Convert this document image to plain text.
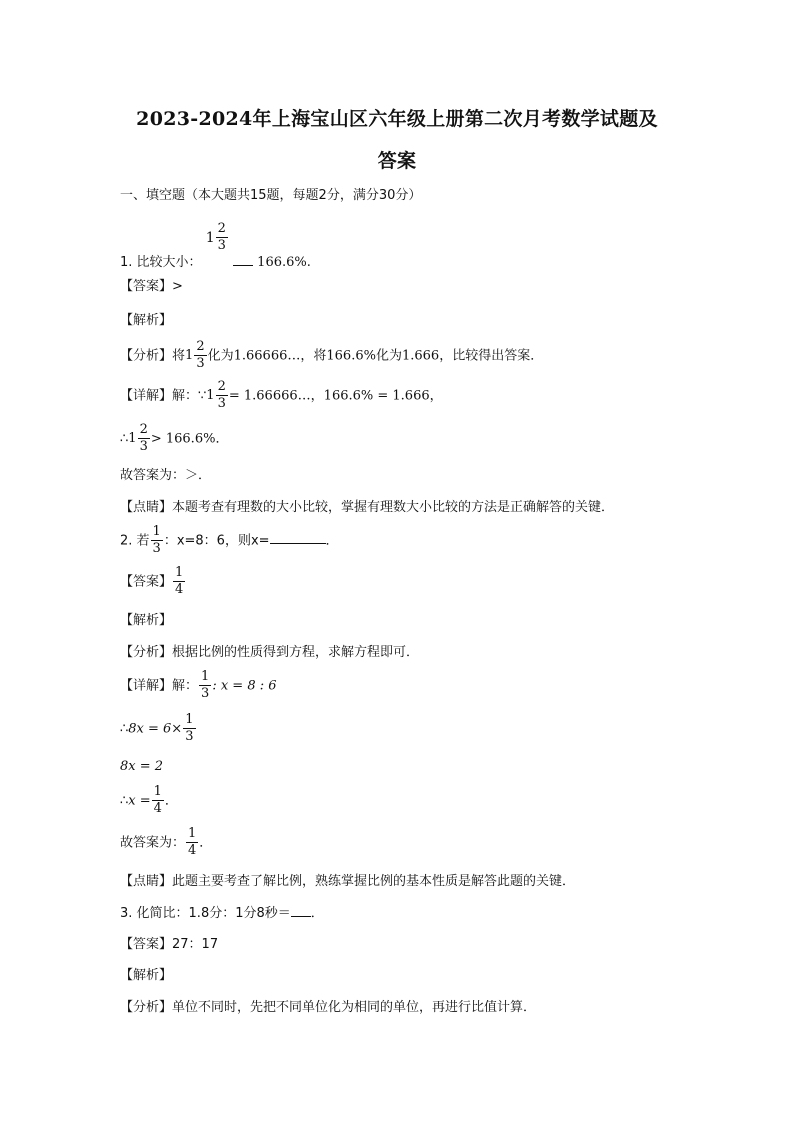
2023-2024年上海宝山区六年级上册第二次月考数学试题及
答案
一、填空题（本大题共15题，每题2分，满分30分）
1. 比较大小：
$1 \frac{2}{3}$
166.6%.
【答案】>
【解析】
【分析】将 $1 \frac{2}{3}$ 化为1.66666…，将166.6%化为1.666，比较得出答案．
【详解】解：∵ $1 \frac{2}{3}$ = 1.66666…，166.6% = 1.666，
∴ $1 \frac{2}{3} > 166.6\%$．
故答案为：＞．
【点睛】本题考查有理数的大小比较，掌握有理数大小比较的方法是正确解答的关键．
2. 若 $\frac{1}{3}$ ：x=8：6，则x=	．
【答案】 $\frac{1}{4}$
【解析】
【分析】根据比例的性质得到方程，求解方程即可．
【详解】解： $\frac{1}{3}$ : x = 8 : 6
∴8x = $6\times \frac{1}{3}$
8x = 2
∴x = $\frac{1}{4}$ ．
故答案为： $\frac{1}{4}$ ．
【点睛】此题主要考查了解比例，熟练掌握比例的基本性质是解答此题的关键．
3. 化简比：1.8分：1分8秒＝ ．
【答案】27：17
【解析】
【分析】单位不同时，先把不同单位化为相同的单位，再进行比值计算．
